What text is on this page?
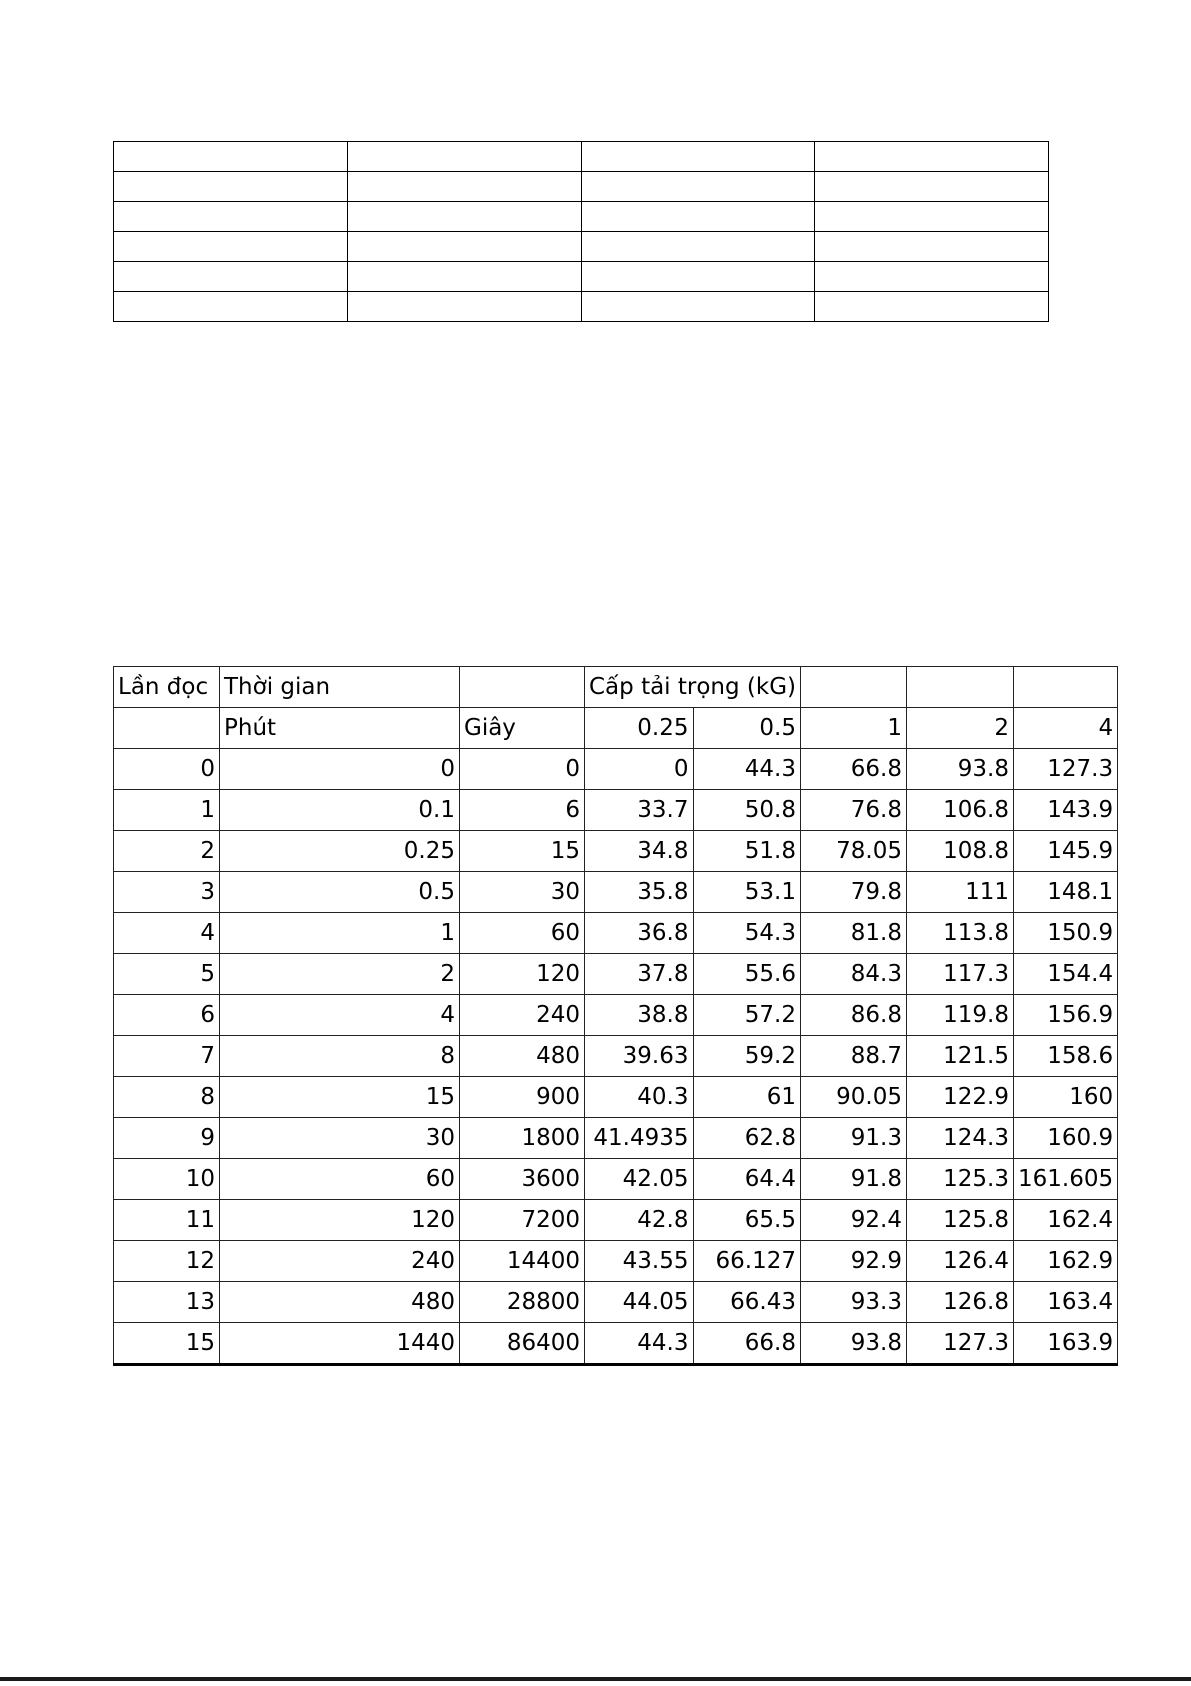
Lần đọc	Thời gian		Cấp tải trọng (kG)				
	Phút	Giây	0.25	0.5	1	2	4
0	0	0	0	44.3	66.8	93.8	127.3
1	0.1	6	33.7	50.8	76.8	106.8	143.9
2	0.25	15	34.8	51.8	78.05	108.8	145.9
3	0.5	30	35.8	53.1	79.8	111	148.1
4	1	60	36.8	54.3	81.8	113.8	150.9
5	2	120	37.8	55.6	84.3	117.3	154.4
6	4	240	38.8	57.2	86.8	119.8	156.9
7	8	480	39.63	59.2	88.7	121.5	158.6
8	15	900	40.3	61	90.05	122.9	160
9	30	1800	41.4935	62.8	91.3	124.3	160.9
10	60	3600	42.05	64.4	91.8	125.3	161.605
11	120	7200	42.8	65.5	92.4	125.8	162.4
12	240	14400	43.55	66.127	92.9	126.4	162.9
13	480	28800	44.05	66.43	93.3	126.8	163.4
15	1440	86400	44.3	66.8	93.8	127.3	163.9
